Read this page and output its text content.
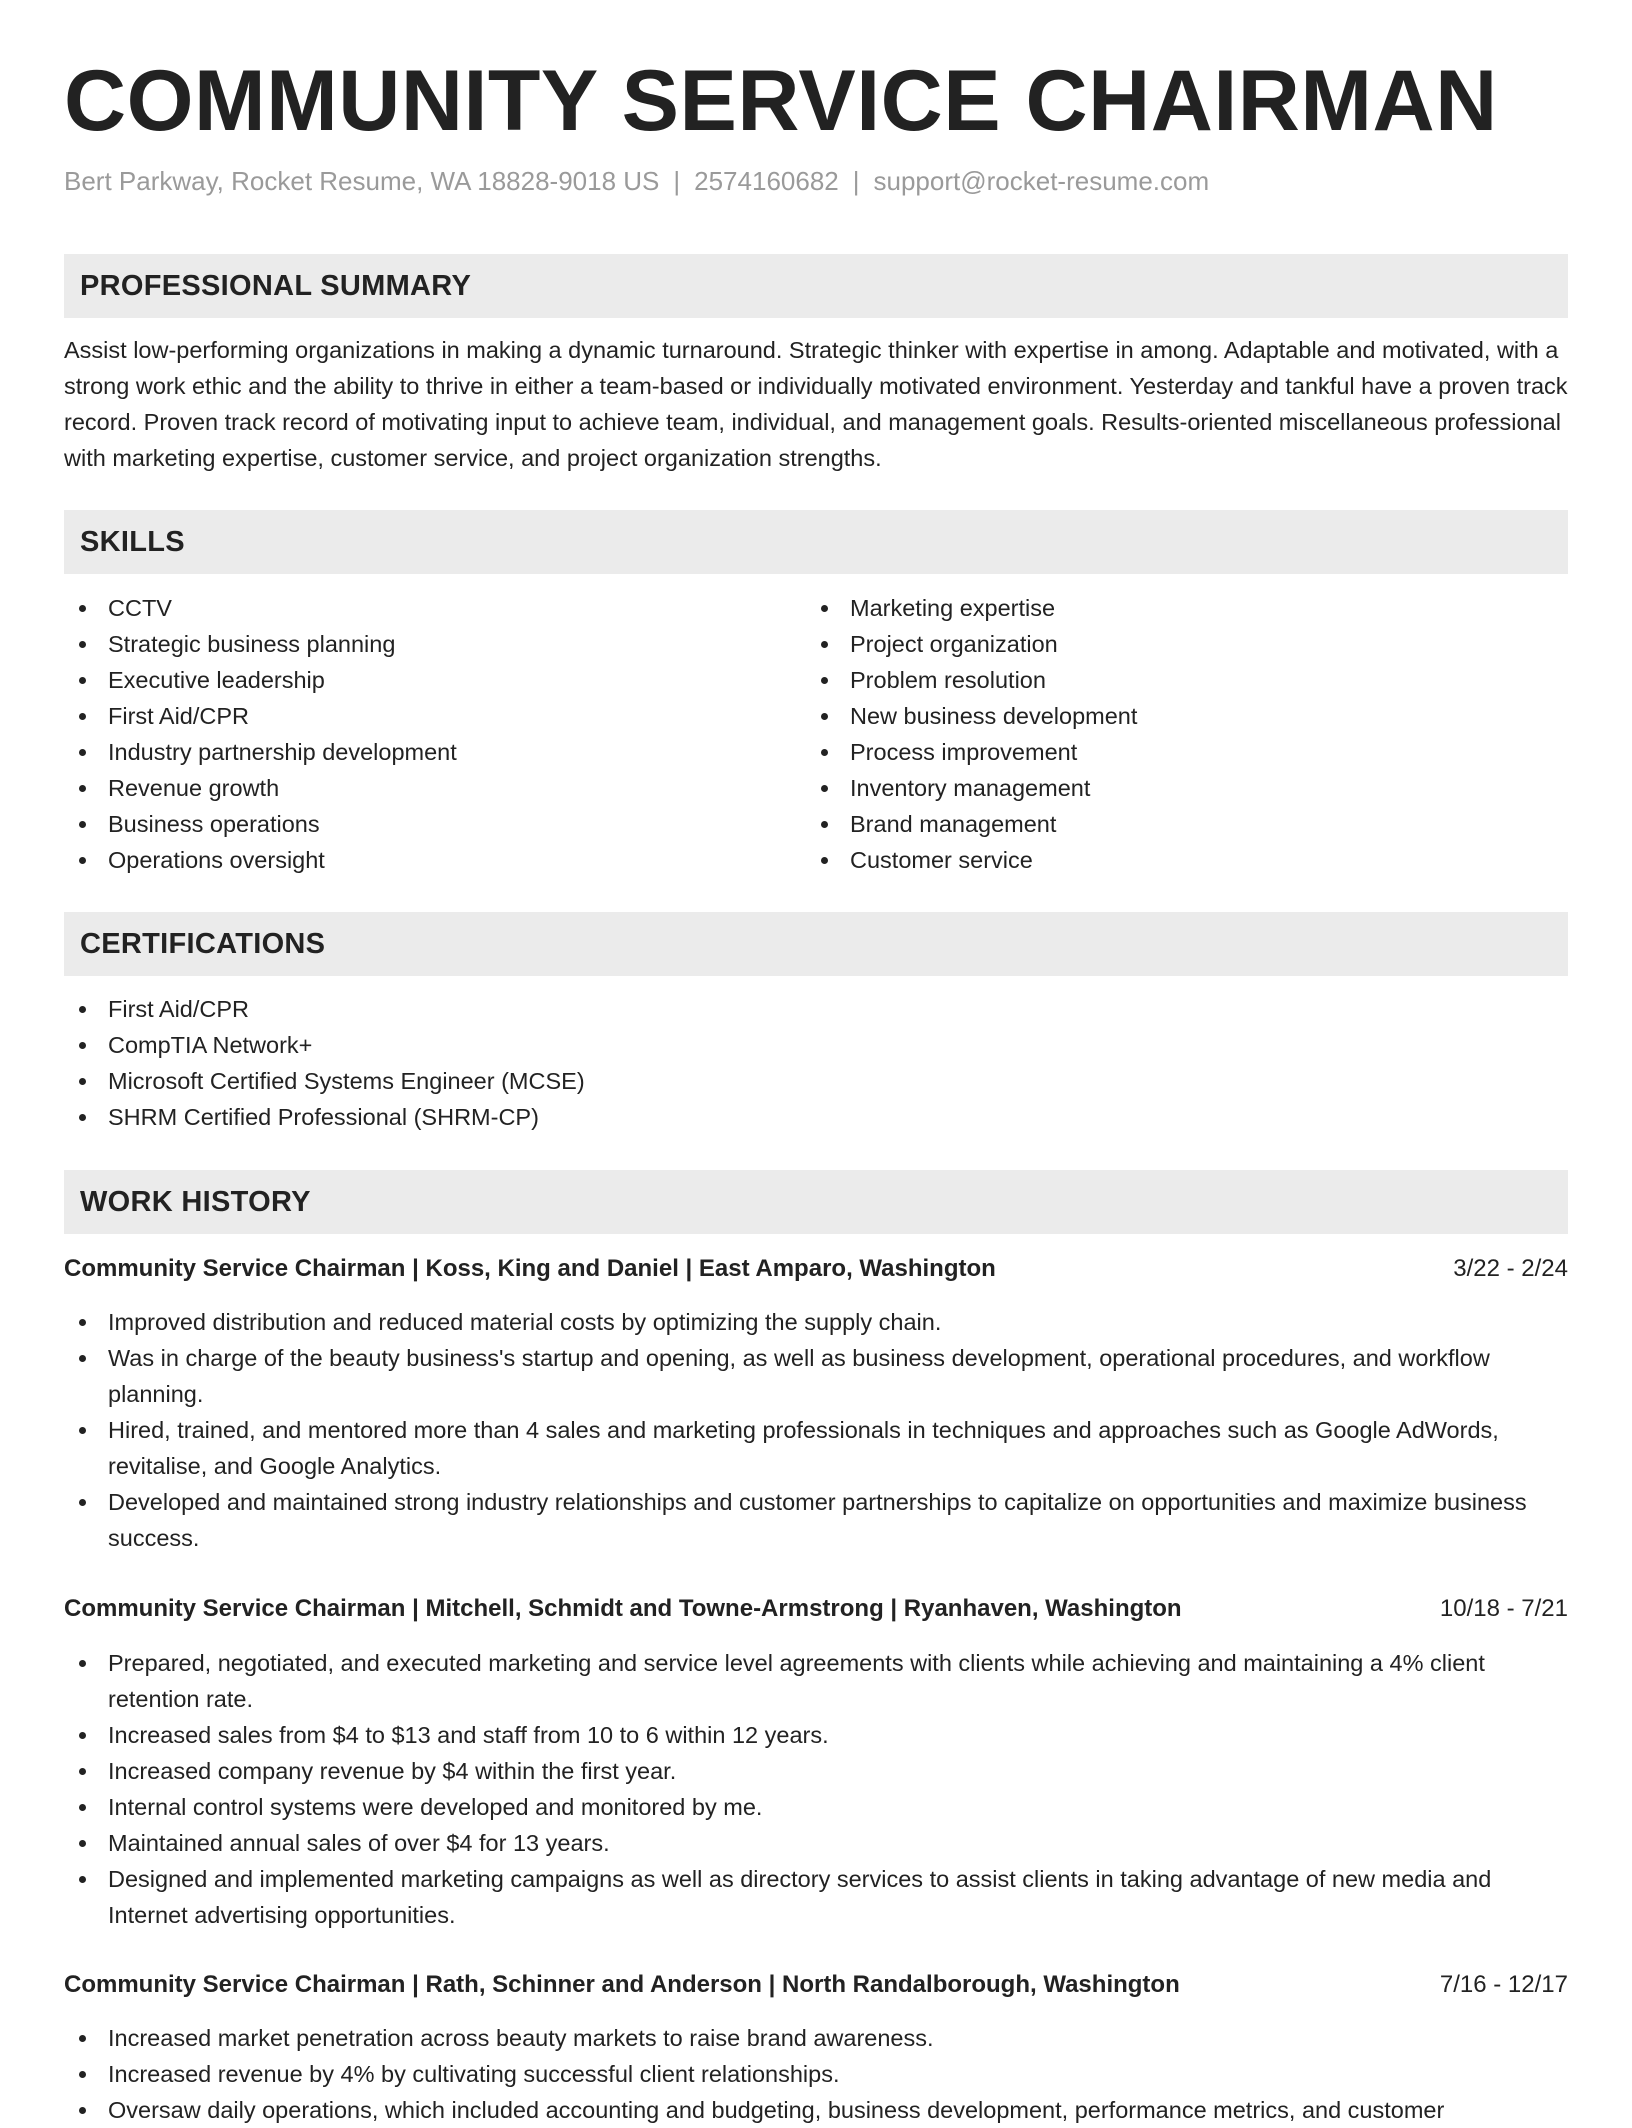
COMMUNITY SERVICE CHAIRMAN
Bert Parkway, Rocket Resume, WA 18828-9018 US | 2574160682 | support@rocket-resume.com
PROFESSIONAL SUMMARY

Assist low-performing organizations in making a dynamic turnaround. Strategic thinker with expertise in among. Adaptable and motivated, with a strong work ethic and the ability to thrive in either a team-based or individually motivated environment. Yesterday and tankful have a proven track record. Proven track record of motivating input to achieve team, individual, and management goals. Results-oriented miscellaneous professional with marketing expertise, customer service, and project organization strengths.

SKILLS
CCTV
Strategic business planning
Executive leadership
First Aid/CPR
Industry partnership development
Revenue growth
Business operations
Operations oversight
Marketing expertise
Project organization
Problem resolution
New business development
Process improvement
Inventory management
Brand management
Customer service
CERTIFICATIONS
First Aid/CPR
CompTIA Network+
Microsoft Certified Systems Engineer (MCSE)
SHRM Certified Professional (SHRM-CP)
WORK HISTORY
Community Service Chairman | Koss, King and Daniel | East Amparo, Washington	3/22 - 2/24
Improved distribution and reduced material costs by optimizing the supply chain.
Was in charge of the beauty business's startup and opening, as well as business development, operational procedures, and workflow planning.
Hired, trained, and mentored more than 4 sales and marketing professionals in techniques and approaches such as Google AdWords, revitalise, and Google Analytics.
Developed and maintained strong industry relationships and customer partnerships to capitalize on opportunities and maximize business success.
Community Service Chairman | Mitchell, Schmidt and Towne-Armstrong | Ryanhaven, Washington	10/18 - 7/21
Prepared, negotiated, and executed marketing and service level agreements with clients while achieving and maintaining a 4% client retention rate.
Increased sales from $4 to $13 and staff from 10 to 6 within 12 years.
Increased company revenue by $4 within the first year.
Internal control systems were developed and monitored by me.
Maintained annual sales of over $4 for 13 years.
Designed and implemented marketing campaigns as well as directory services to assist clients in taking advantage of new media and Internet advertising opportunities.
Community Service Chairman | Rath, Schinner and Anderson | North Randalborough, Washington	7/16 - 12/17
Increased market penetration across beauty markets to raise brand awareness.
Increased revenue by 4% by cultivating successful client relationships.
Oversaw daily operations, which included accounting and budgeting, business development, performance metrics, and customer
